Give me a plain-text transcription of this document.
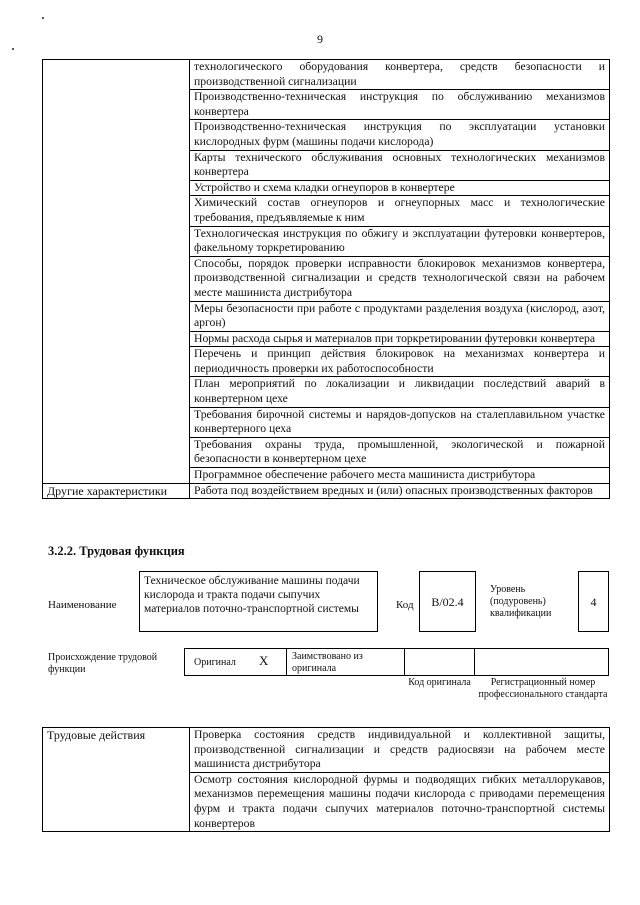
9
	технологического оборудования конвертера, средств безопасности и производственной сигнализации
	Производственно-техническая инструкция по обслуживанию механизмов конвертера
	Производственно-техническая инструкция по эксплуатации установки кислородных фурм (машины подачи кислорода)
	Карты технического обслуживания основных технологических механизмов конвертера
	Устройство и схема кладки огнеупоров в конвертере
	Химический состав огнеупоров и огнеупорных масс и технологические требования, предъявляемые к ним
	Технологическая инструкция по обжигу и эксплуатации футеровки конвертеров, факельному торкретированию
	Способы, порядок проверки исправности блокировок механизмов конвертера, производственной сигнализации и средств технологической связи на рабочем месте машиниста дистрибутора
	Меры безопасности при работе с продуктами разделения воздуха (кислород, азот, аргон)
	Нормы расхода сырья и материалов при торкретировании футеровки конвертера
	Перечень и принцип действия блокировок на механизмах конвертера и периодичность проверки их работоспособности
	План мероприятий по локализации и ликвидации последствий аварий в конвертерном цехе
	Требования бирочной системы и нарядов-допусков на сталеплавильном участке конвертерного цеха
	Требования охраны труда, промышленной, экологической и пожарной безопасности в конвертерном цехе
	Программное обеспечение рабочего места машиниста дистрибутора
Другие характеристики	Работа под воздействием вредных и (или) опасных производственных факторов
3.2.2. Трудовая функция
Наименование
Техническое обслуживание машины подачи кислорода и тракта подачи сыпучих материалов поточно-транспортной системы	Код	B/02.4
Уровень (подуровень) квалификации
4
Происхождение трудовой функции
Оригинал X Заимствовано из оригинала
Код оригинала	Регистрационный номер профессионального стандарта
Трудовые действия	Проверка состояния средств индивидуальной и коллективной защиты, производственной сигнализации и средств радиосвязи на рабочем месте машиниста дистрибутора
Осмотр состояния кислородной фурмы и подводящих гибких металлорукавов, механизмов перемещения машины подачи кислорода с приводами перемещения фурм и тракта подачи сыпучих материалов поточно-транспортной системы конвертеров
